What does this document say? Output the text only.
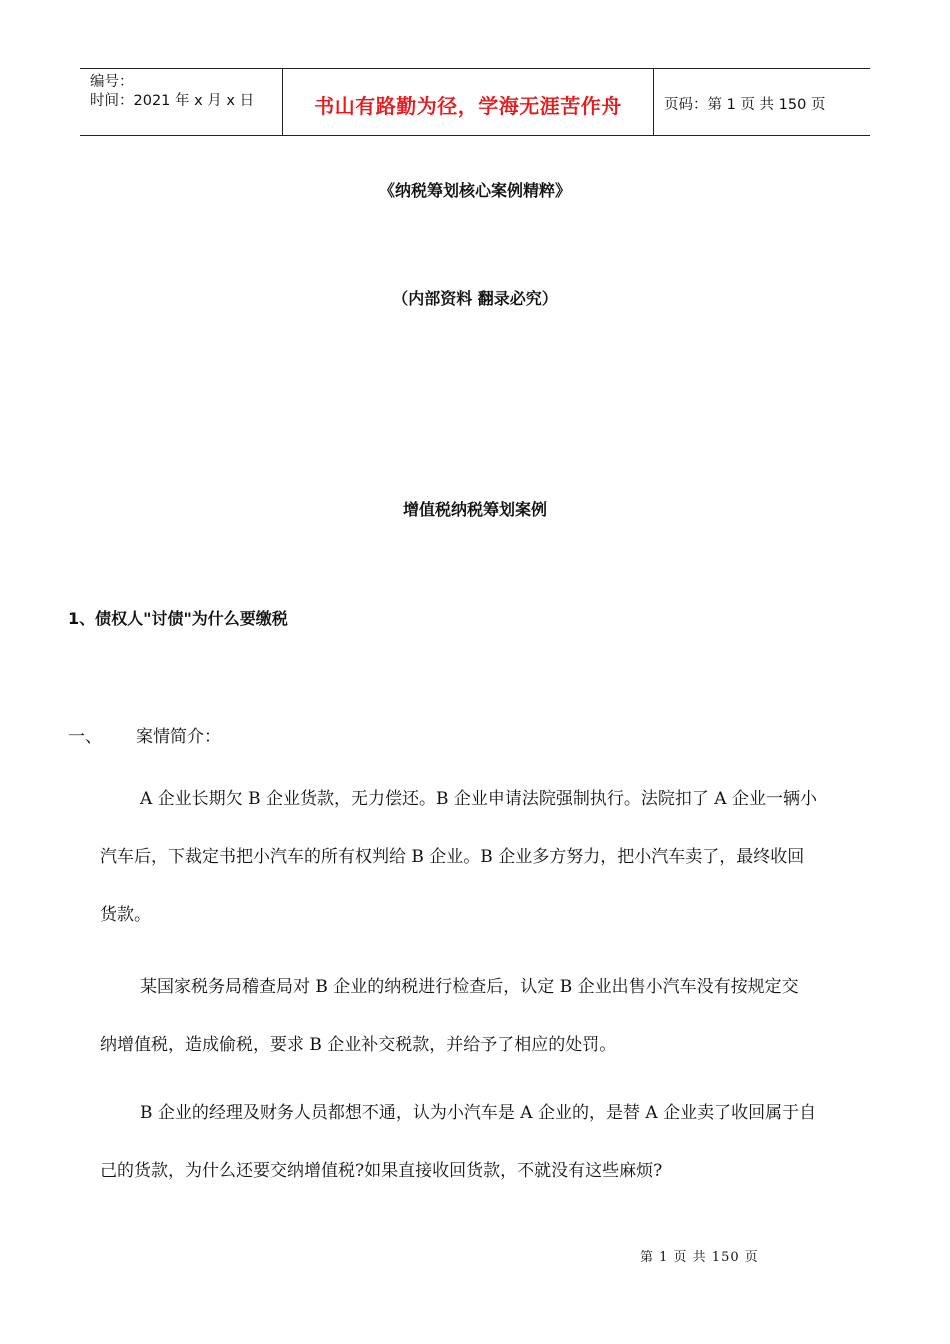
编号：
时间：2021 年 x 月 x 日	书山有路勤为径，学海无涯苦作舟	页码：第 1 页 共 150 页
《纳税筹划核心案例精粹》
（内部资料 翻录必究）
增值税纳税筹划案例
1、债权人"讨债"为什么要缴税
一、 案情简介：
A 企业长期欠 B 企业货款，无力偿还。B 企业申请法院强制执行。法院扣了 A 企业一辆小
汽车后，下裁定书把小汽车的所有权判给 B 企业。B 企业多方努力，把小汽车卖了，最终收回
货款。
某国家税务局稽查局对 B 企业的纳税进行检查后，认定 B 企业出售小汽车没有按规定交
纳增值税，造成偷税，要求 B 企业补交税款，并给予了相应的处罚。
B 企业的经理及财务人员都想不通，认为小汽车是 A 企业的，是替 A 企业卖了收回属于自
己的货款，为什么还要交纳增值税?如果直接收回货款，不就没有这些麻烦?
第 1 页 共 150 页
